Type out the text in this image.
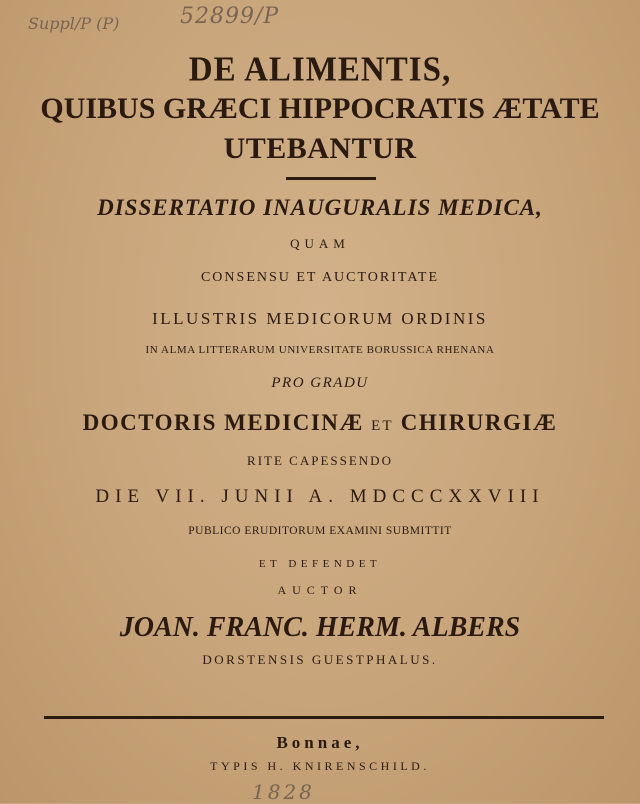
Suppl/P (P)	52899/P
DE ALIMENTIS,
QUIBUS GRÆCI HIPPOCRATIS ÆTATE
UTEBANTUR
DISSERTATIO INAUGURALIS MEDICA,
QUAM
CONSENSU ET AUCTORITATE
ILLUSTRIS MEDICORUM ORDINIS
IN ALMA LITTERARUM UNIVERSITATE BORUSSICA RHENANA
PRO GRADU
DOCTORIS MEDICINÆ ET CHIRURGIÆ
RITE CAPESSENDO
DIE VII. JUNII A. MDCCCXXVIII
PUBLICO ERUDITORUM EXAMINI SUBMITTIT
ET DEFENDET
AUCTOR
JOAN. FRANC. HERM. ALBERS
DORSTENSIS GUESTPHALUS.
Bonnae,
TYPIS H. KNIRENSCHILD.
1828
